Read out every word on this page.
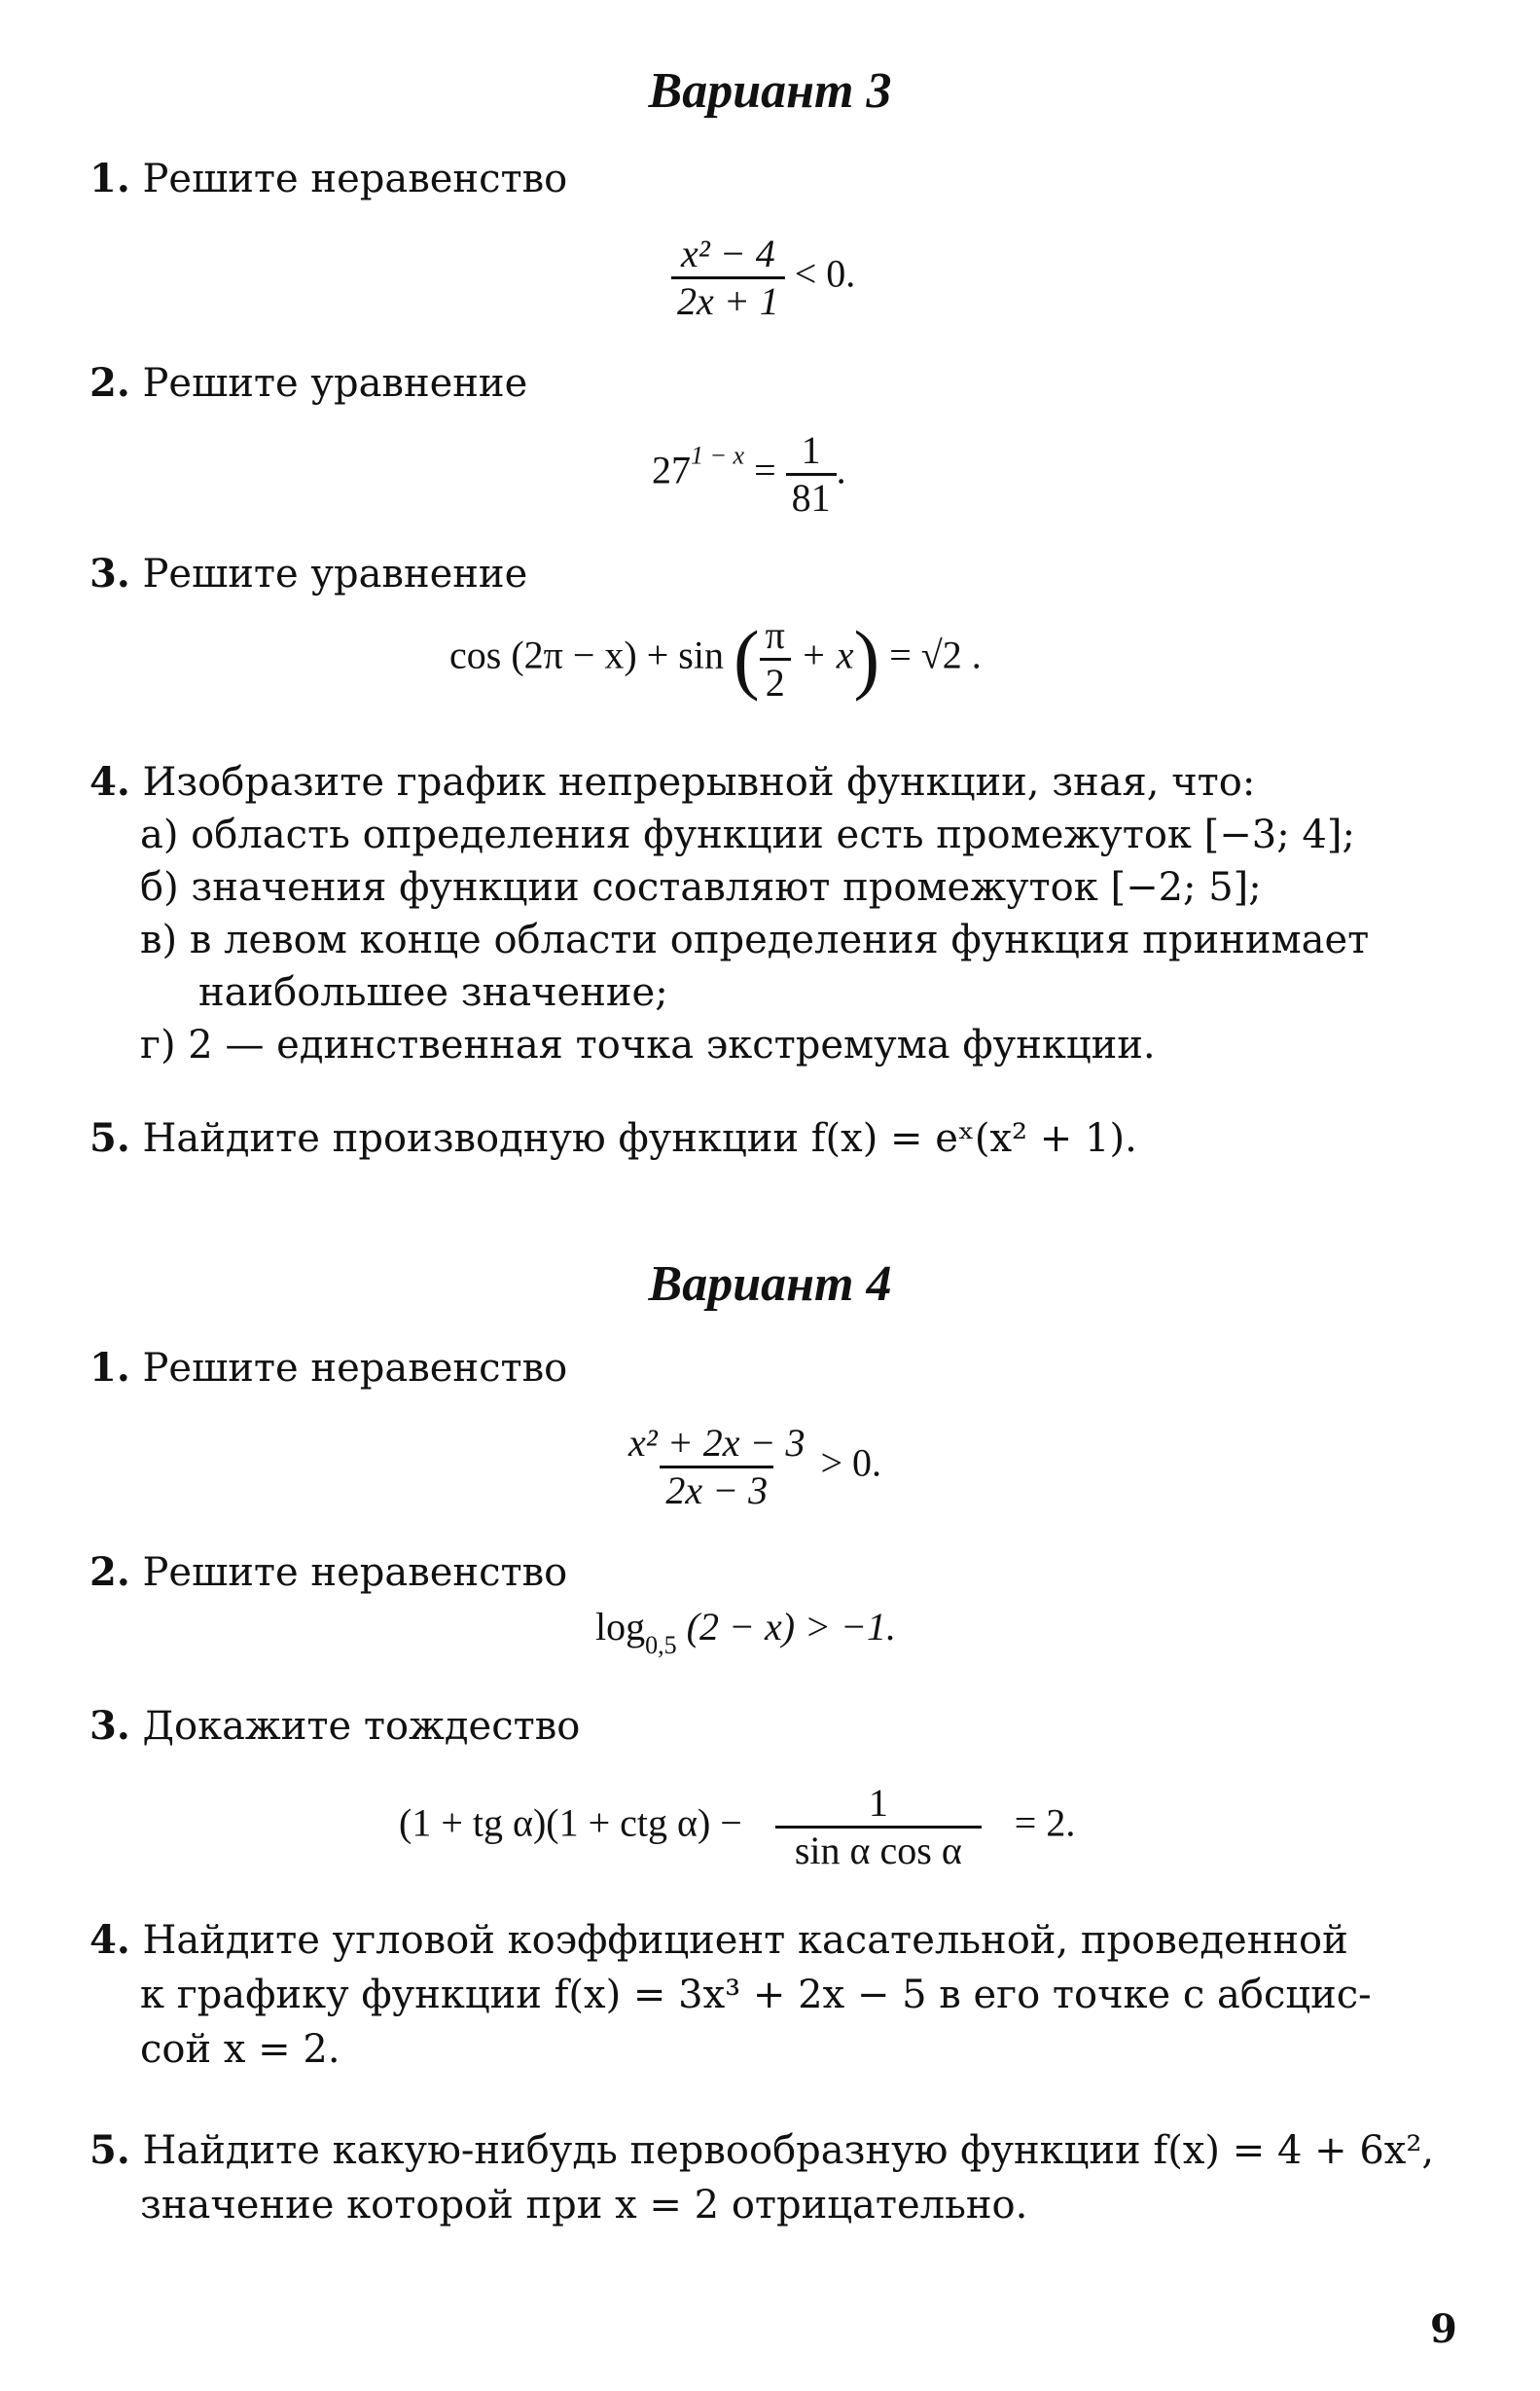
Вариант 3
1. Решите неравенство
$\frac{\text{x² − 4}}{2x + 1} < 0$.
2. Решите уравнение
$27^{1 - x} = \frac{1}{81}$ .
3. Решите уравнение
cos (2π − x) + sin ( $\frac{\pi}{2} + x) = √2$ .
4. Изобразите график непрерывной функции, зная, что:
а) область определения функции есть промежуток [−3; 4];
б) значения функции составляют промежуток [−2; 5];
в) в левом конце области определения функция принимает
наибольшее значение;
г) 2 — единственная точка экстремума функции.
5. Найдите производную функции f(x) = eˣ(x² + 1).
Вариант 4
1. Решите неравенство
$\frac{\text{x² + 2x − 3}}{2x - 3} > 0$.
2. Решите неравенство
$\log_{0,5} (2 - x) > -1$.
3. Докажите тождество
(1 + tg α)(1 + ctg $\alpha) - \frac{1}{\text{sin α cos α}} = 2$.
4. Найдите угловой коэффициент касательной, проведенной
к графику функции f(x) = 3x³ + 2x − 5 в его точке с абсцис-
сой x = 2.
5. Найдите какую-нибудь первообразную функции f(x) = 4 + 6x²,
значение которой при x = 2 отрицательно.
9
